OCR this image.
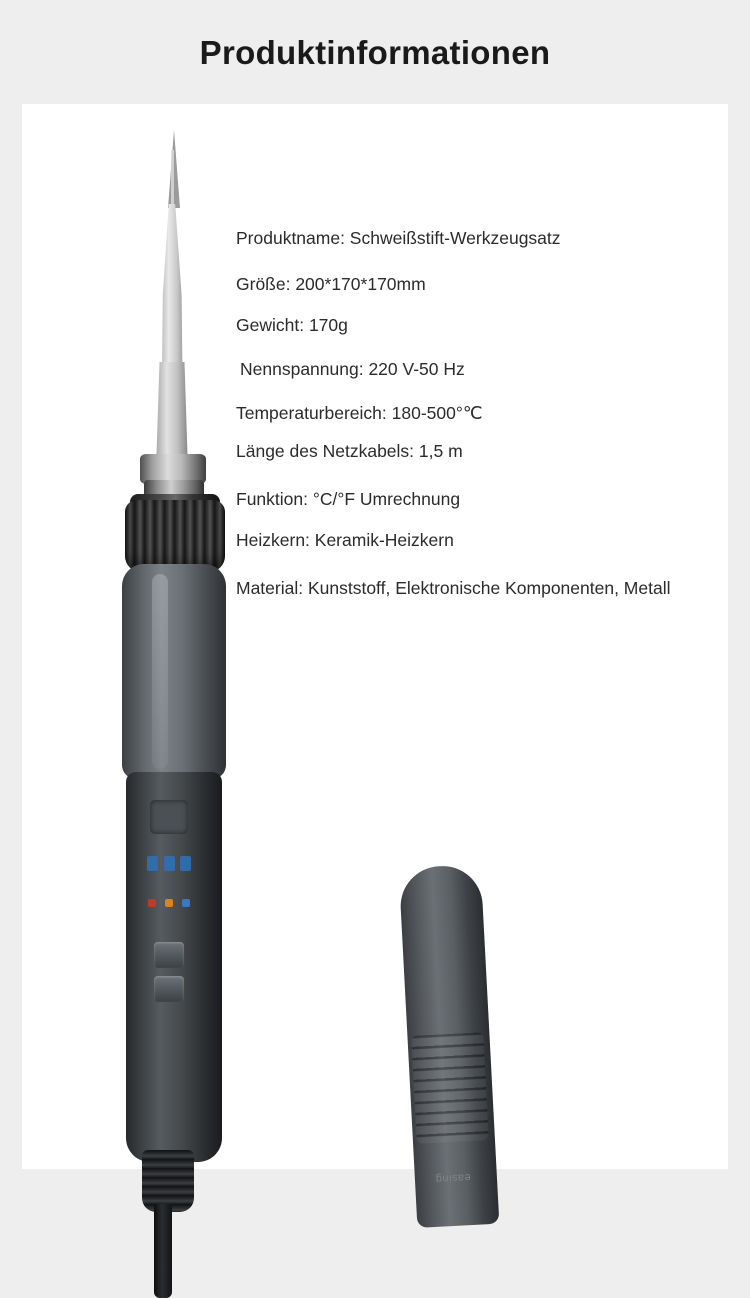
Produktinformationen
easing
Produktname: Schweißstift-Werkzeugsatz
Größe: 200*170*170mm
Gewicht: 170g
Nennspannung: 220 V-50 Hz
Temperaturbereich: 180-500°℃
Länge des Netzkabels: 1,5 m
Funktion: °C/°F Umrechnung
Heizkern: Keramik-Heizkern
Material: Kunststoff, Elektronische Komponenten, Metall
